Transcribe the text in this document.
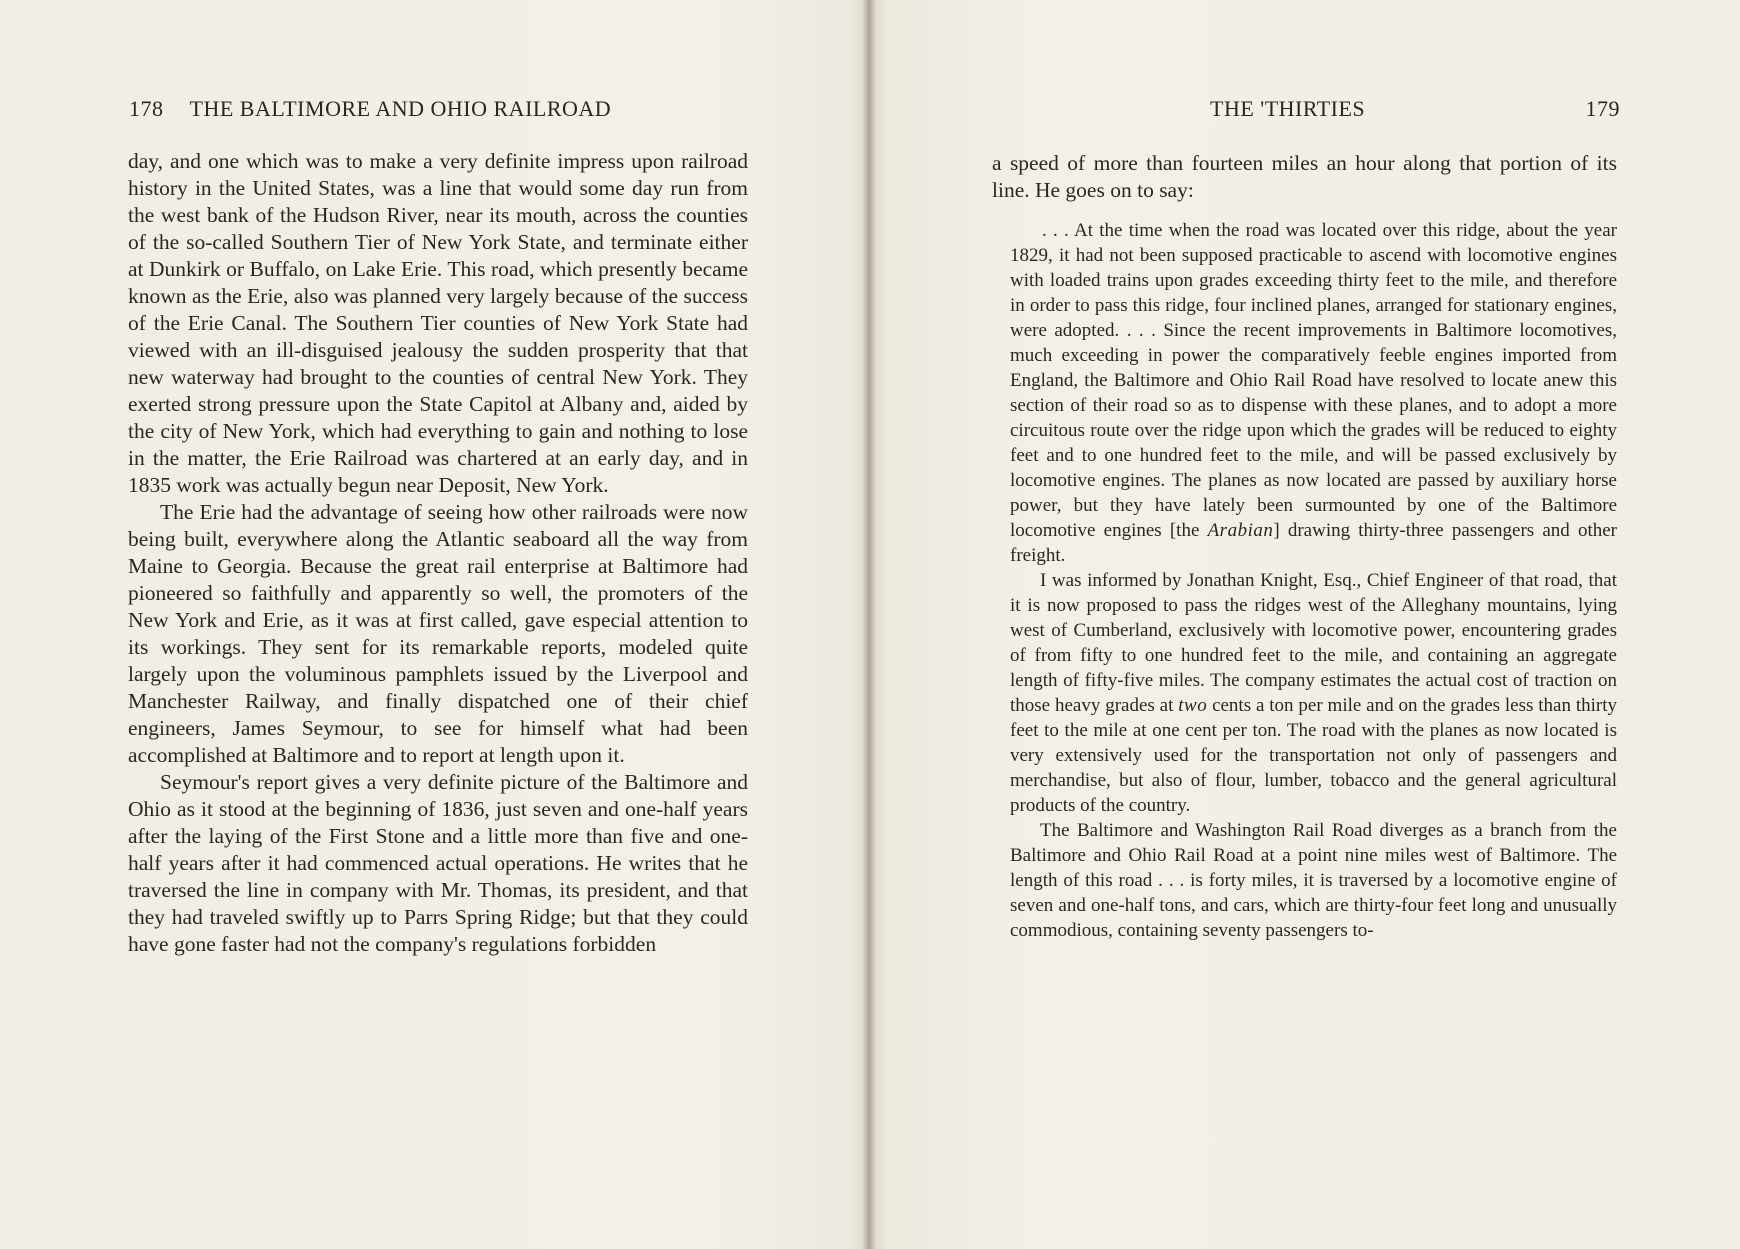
178 THE BALTIMORE AND OHIO RAILROAD

day, and one which was to make a very definite impress upon railroad history in the United States, was a line that would some day run from the west bank of the Hudson River, near its mouth, across the counties of the so-called Southern Tier of New York State, and terminate either at Dunkirk or Buffalo, on Lake Erie. This road, which presently became known as the Erie, also was planned very largely because of the success of the Erie Canal. The Southern Tier counties of New York State had viewed with an ill-disguised jealousy the sudden prosperity that that new waterway had brought to the counties of central New York. They exerted strong pressure upon the State Capitol at Albany and, aided by the city of New York, which had everything to gain and nothing to lose in the matter, the Erie Railroad was chartered at an early day, and in 1835 work was actually begun near Deposit, New York.

The Erie had the advantage of seeing how other railroads were now being built, everywhere along the Atlantic seaboard all the way from Maine to Georgia. Because the great rail enterprise at Baltimore had pioneered so faithfully and apparently so well, the promoters of the New York and Erie, as it was at first called, gave especial attention to its workings. They sent for its remarkable reports, modeled quite largely upon the voluminous pamphlets issued by the Liverpool and Manchester Railway, and finally dispatched one of their chief engineers, James Seymour, to see for himself what had been accomplished at Baltimore and to report at length upon it.

Seymour's report gives a very definite picture of the Baltimore and Ohio as it stood at the beginning of 1836, just seven and one-half years after the laying of the First Stone and a little more than five and one-half years after it had commenced actual operations. He writes that he traversed the line in company with Mr. Thomas, its president, and that they had traveled swiftly up to Parrs Spring Ridge; but that they could have gone faster had not the company's regulations forbidden

THE 'THIRTIES	179

a speed of more than fourteen miles an hour along that portion of its line. He goes on to say:

. . . At the time when the road was located over this ridge, about the year 1829, it had not been supposed practicable to ascend with locomotive engines with loaded trains upon grades exceeding thirty feet to the mile, and therefore in order to pass this ridge, four inclined planes, arranged for stationary engines, were adopted. . . . Since the recent improvements in Baltimore locomotives, much exceeding in power the comparatively feeble engines imported from England, the Baltimore and Ohio Rail Road have resolved to locate anew this section of their road so as to dispense with these planes, and to adopt a more circuitous route over the ridge upon which the grades will be reduced to eighty feet and to one hundred feet to the mile, and will be passed exclusively by locomotive engines. The planes as now located are passed by auxiliary horse power, but they have lately been surmounted by one of the Baltimore locomotive engines [the Arabian] drawing thirty-three passengers and other freight.

I was informed by Jonathan Knight, Esq., Chief Engineer of that road, that it is now proposed to pass the ridges west of the Alleghany mountains, lying west of Cumberland, exclusively with locomotive power, encountering grades of from fifty to one hundred feet to the mile, and containing an aggregate length of fifty-five miles. The company estimates the actual cost of traction on those heavy grades at two cents a ton per mile and on the grades less than thirty feet to the mile at one cent per ton. The road with the planes as now located is very extensively used for the transportation not only of passengers and merchandise, but also of flour, lumber, tobacco and the general agricultural products of the country.

The Baltimore and Washington Rail Road diverges as a branch from the Baltimore and Ohio Rail Road at a point nine miles west of Baltimore. The length of this road . . . is forty miles, it is traversed by a locomotive engine of seven and one-half tons, and cars, which are thirty-four feet long and unusually commodious, containing seventy passengers to-
